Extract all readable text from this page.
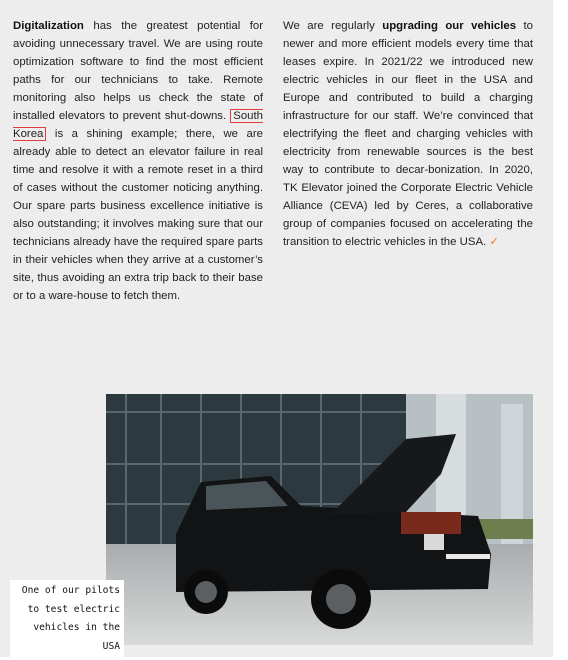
Digitalization has the greatest potential for avoiding unnecessary travel. We are using route optimization software to find the most efficient paths for our technicians to take. Remote monitoring also helps us check the state of installed elevators to prevent shut-downs. South Korea is a shining example; there, we are already able to detect an elevator failure in real time and resolve it with a remote reset in a third of cases without the customer noticing anything. Our spare parts business excellence initiative is also outstanding; it involves making sure that our technicians already have the required spare parts in their vehicles when they arrive at a customer’s site, thus avoiding an extra trip back to their base or to a ware-house to fetch them.

We are regularly upgrading our vehicles to newer and more efficient models every time that leases expire. In 2021/22 we introduced new electric vehicles in our fleet in the USA and Europe and contributed to build a charging infrastructure for our staff. We’re convinced that electrifying the fleet and charging vehicles with electricity from renewable sources is the best way to contribute to decar-bonization. In 2020, TK Elevator joined the Corporate Electric Vehicle Alliance (CEVA) led by Ceres, a collaborative group of companies focused on accelerating the transition to electric vehicles in the USA. ✓

One of our pilots
to test electric
vehicles in the USA
